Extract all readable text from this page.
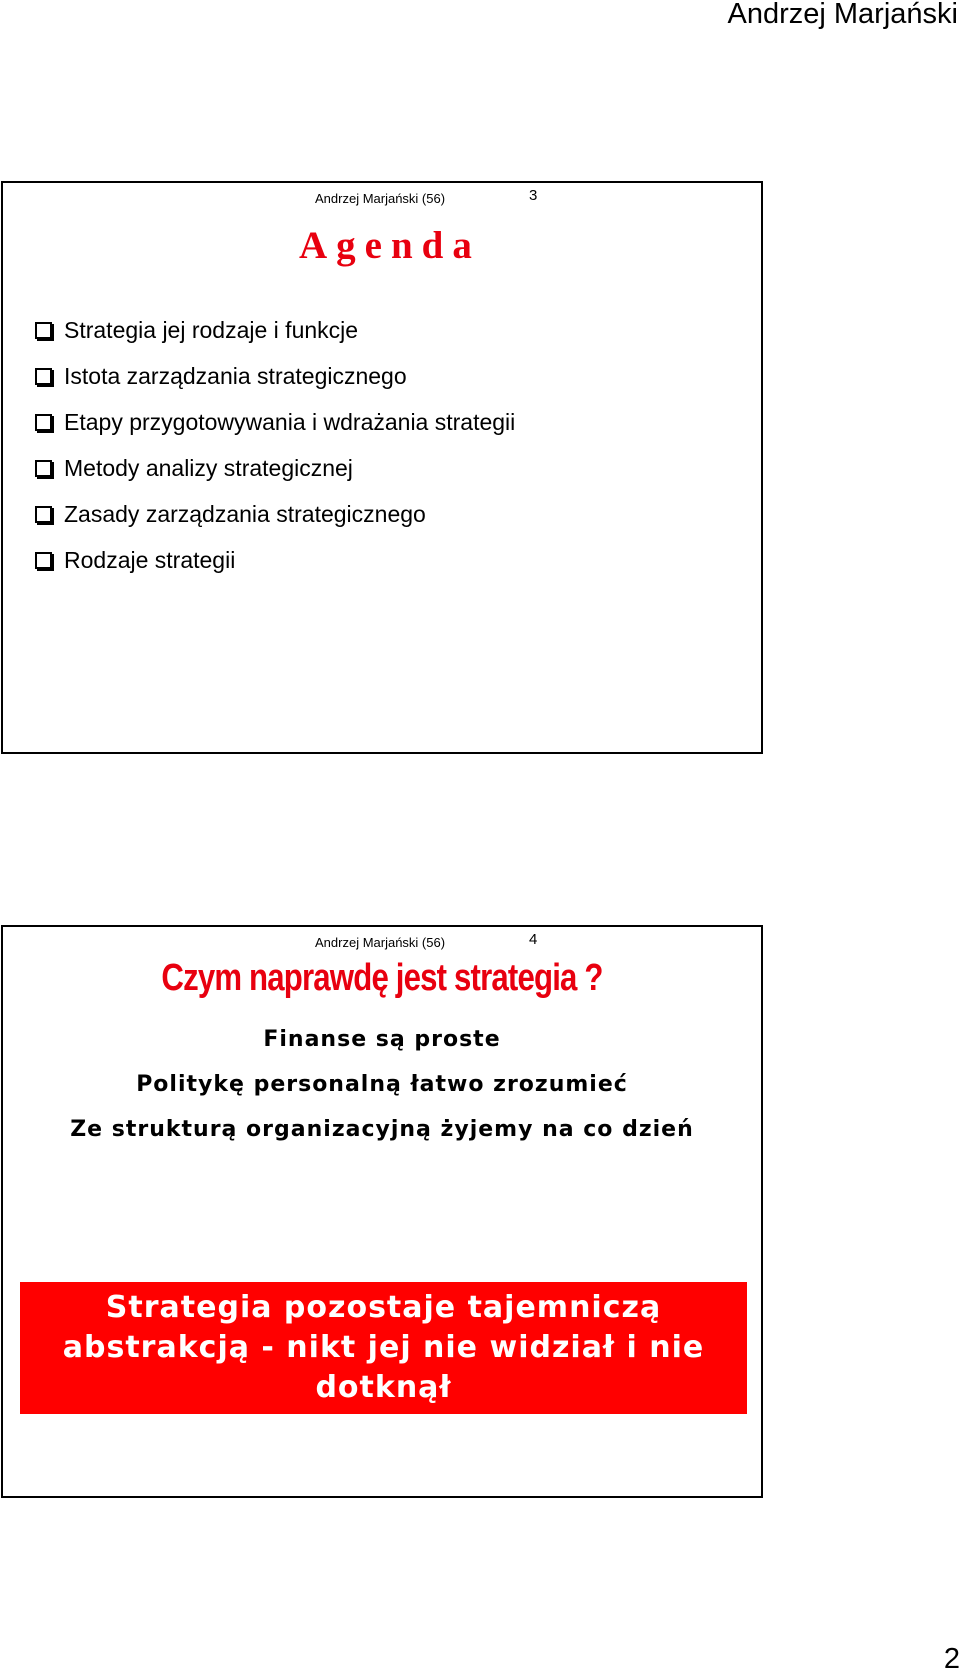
Andrzej Marjański
Andrzej Marjański (56)	3
Agenda
Strategia jej rodzaje i funkcje
Istota zarządzania strategicznego
Etapy przygotowywania i wdrażania strategii
Metody analizy strategicznej
Zasady zarządzania strategicznego
Rodzaje strategii
Andrzej Marjański (56)	4
Czym naprawdę jest strategia ?
Finanse są proste
Politykę personalną łatwo zrozumieć
Ze strukturą organizacyjną żyjemy na co dzień
Strategia pozostaje tajemniczą abstrakcją - nikt jej nie widział i nie dotknął
2
